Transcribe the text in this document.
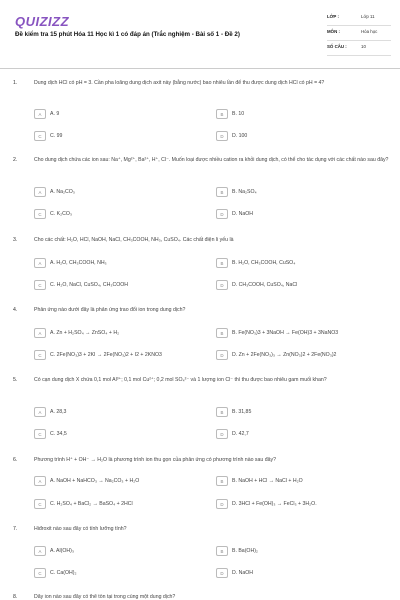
QUIZIZZ
Đề kiểm tra 15 phút Hóa 11 Học kì 1 có đáp án (Trắc nghiệm - Bài số 1 - Đề 2)
LỚP :	Lớp 11
MÔN :	Hóa học
SỐ CÂU :	10
1.	Dung dịch HCl có pH = 3. Cần pha loãng dung dịch axit này (bằng nước) bao nhiêu lần để thu được dung dịch HCl có pH = 4?
A	A. 9	B	B. 10
C	C. 99	D	D. 100
2.	Cho dung dịch chứa các ion sau: Na⁺, Mg²⁺, Ba²⁺, H⁺, Cl⁻. Muốn loại được nhiều cation ra khỏi dung dịch, có thể cho tác dụng với các chất nào sau đây?
A	A. Na₂CO₃	B	B. Na₂SO₄
C	C. K₂CO₃	D	D. NaOH
3.	Cho các chất: H₂O, HCl, NaOH, NaCl, CH₃COOH, NH₃, CuSO₄. Các chất điện li yếu là
A	A. H₂O, CH₃COOH, NH₃	B	B. H₂O, CH₃COOH, CuSO₄
C	C. H₂O, NaCl, CuSO₄, CH₃COOH	D	D. CH₃COOH, CuSO₄, NaCl
4.	Phản ứng nào dưới đây là phản ứng trao đổi ion trong dung dịch?
A	A. Zn + H₂SO₄ → ZnSO₄ + H₂	B	B. Fe(NO₃)3 + 3NaOH → Fe(OH)3 + 3NaNO3
C	C. 2Fe(NO₃)3 + 2KI → 2Fe(NO₃)2 + I2 + 2KNO3	D	D. Zn + 2Fe(NO₃)₃ → Zn(NO₃)2 + 2Fe(NO₃)2
5.	Có cạn dung dịch X chứa 0,1 mol Al³⁺; 0,1 mol Cu²⁺; 0,2 mol SO₄²⁻ và 1 lượng ion Cl⁻ thì thu được bao nhiêu gam muối khan?
A	A. 28,3	B	B. 31,85
C	C. 34,5	D	D. 42,7
6.	Phương trình H⁺ + OH⁻ → H₂O là phương trình ion thu gọn của phản ứng có phương trình nào sau đây?
A	A. NaOH + NaHCO₃ → Na₂CO₃ + H₂O	B	B. NaOH + HCl → NaCl + H₂O
C	C. H₂SO₄ + BaCl₂ → BaSO₄ + 2HCl	D	D. 3HCl + Fe(OH)₃ → FeCl₃ + 3H₂O.
7.	Hiđroxit nào sau đây có tính lưỡng tính?
A	A. Al(OH)₃	B	B. Ba(OH)₂
C	C. Ca(OH)₂	D	D. NaOH
8.	Dãy ion nào sau đây có thể tồn tại trong cùng một dung dịch?
